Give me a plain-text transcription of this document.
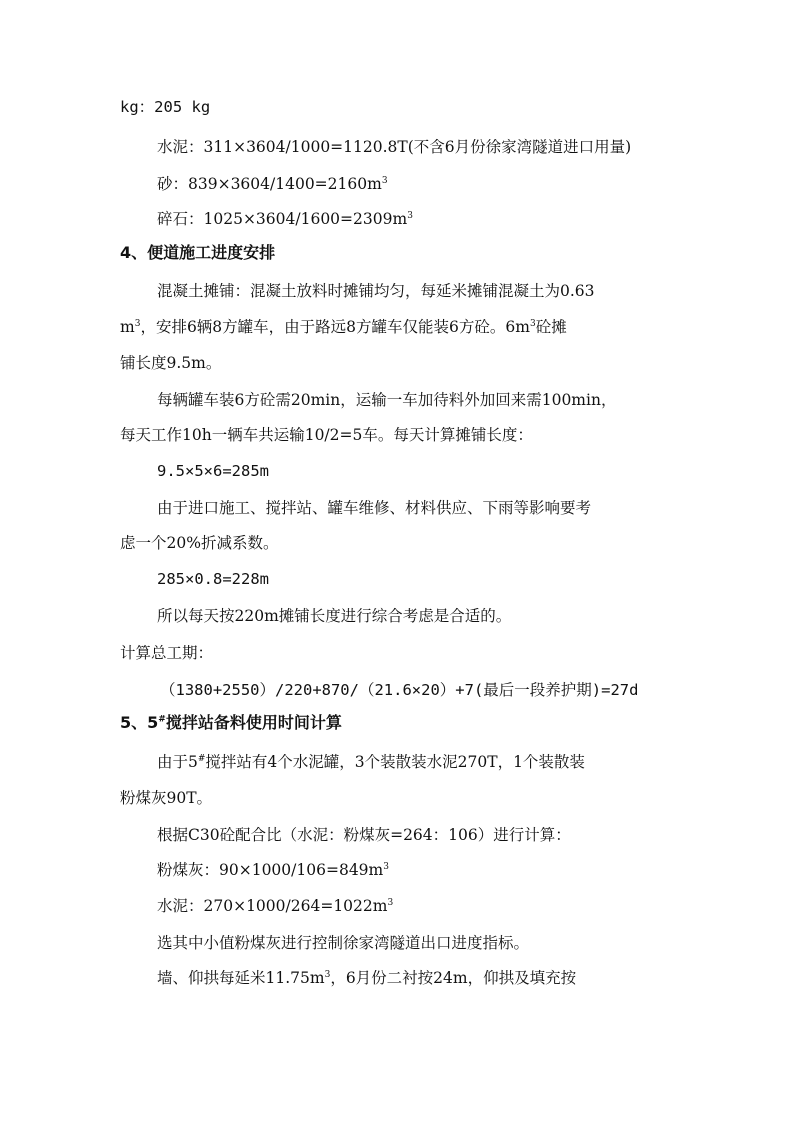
kg：205 kg
水泥：311×3604/1000=1120.8T(不含6月份徐家湾隧道进口用量)
砂：$839\times 3604/1400=2160m^3$
碎石：$1025\times 3604/1600=2309m^3$
4、便道施工进度安排
混凝土摊铺：混凝土放料时摊铺均匀，每延米摊铺混凝土为0.63
$m^3$，安排6辆8方罐车，由于路远8方罐车仅能装6方砼。$6m^3$砼摊
铺长度9.5m。
每辆罐车装6方砼需20min，运输一车加待料外加回来需100min，
每天工作10h一辆车共运输10/2=5车。每天计算摊铺长度：
9.5×5×6=285m
由于进口施工、搅拌站、罐车维修、材料供应、下雨等影响要考
虑一个20%折减系数。
285×0.8=228m
所以每天按220m摊铺长度进行综合考虑是合适的。
计算总工期：
（1380+2550）/220+870/（21.6×20）+7(最后一段养护期)=27d
5、5#搅拌站备料使用时间计算
由于5#搅拌站有4个水泥罐，3个装散装水泥270T，1个装散装
粉煤灰90T。
根据C30砼配合比（水泥：粉煤灰=264：106）进行计算：
粉煤灰：$90\times 1000/106=849m^3$
水泥：$270\times 1000/264=1022m^3$
选其中小值粉煤灰进行控制徐家湾隧道出口进度指标。
墙、仰拱每延米$11.75m^3$，6月份二衬按24m，仰拱及填充按
